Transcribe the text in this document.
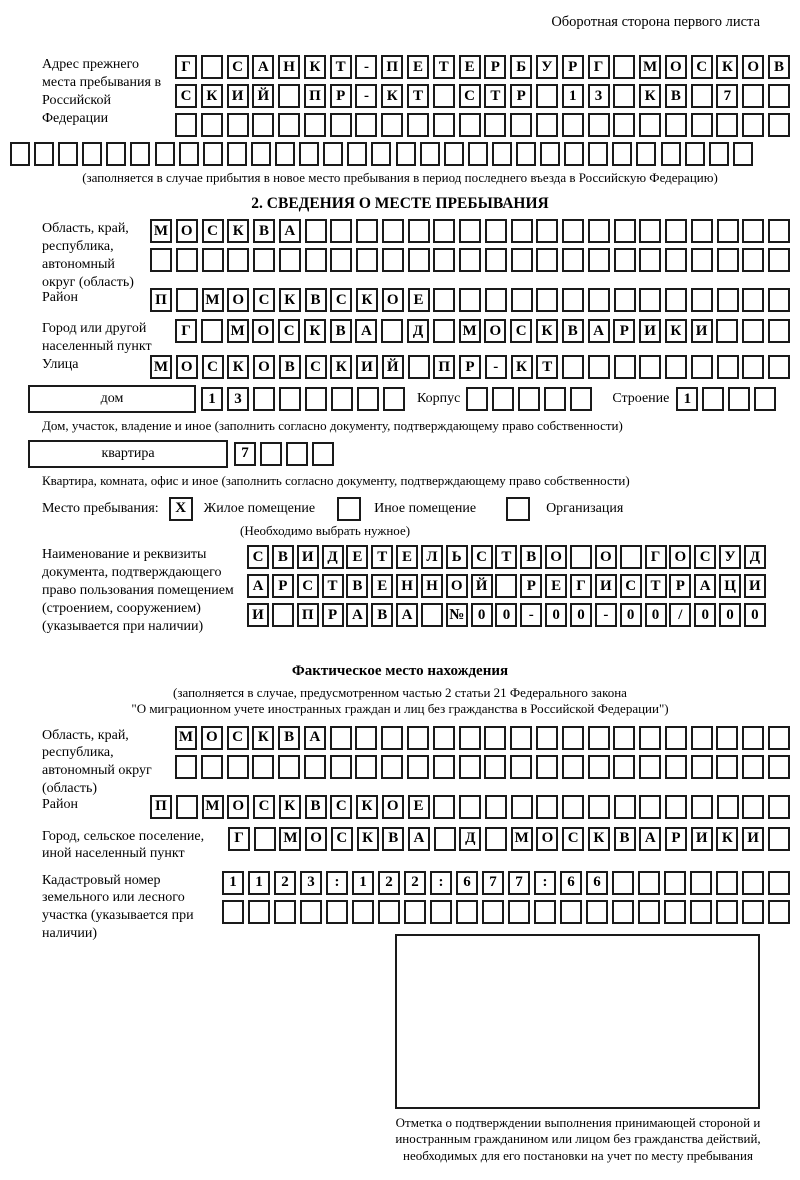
Оборотная сторона первого листа
Адрес прежнего места пребывания в Российской Федерации
Г	С А Н К	Т	-	П Е	Т	Е	Р	Б	У	Р	Г	М О С К О В
С К И Й	П	Р	-	К	Т	С	Т	Р	1	3	К	В	7
(заполняется в случае прибытия в новое место пребывания в период последнего въезда в Российскую Федерацию)
2. СВЕДЕНИЯ О МЕСТЕ ПРЕБЫВАНИЯ
Область, край, республика, автономный округ (область)
М О С К	В	А
Район	П	М О С К	В	С К О Е
Город или другой населенный пункт
Г	М О С К	В	А	Д	М О С К	В	А	Р	И К И
Улица	М О С К О В	С К И Й	П	Р	-	К	Т
дом	1	3	Корпус	Строение 1
Дом, участок, владение и иное (заполнить согласно документу, подтверждающему право собственности)
квартира	7
Квартира, комната, офис и иное (заполнить согласно документу, подтверждающему право собственности)
Место пребывания:	X	Жилое помещение	Иное помещение	Организация
(Необходимо выбрать нужное)
Наименование и реквизиты документа, подтверждающего право пользования помещением (строением, сооружением) (указывается при наличии)
С В И Д Е Т Е Л Ь С Т В О	О	Г О С У Д
А Р С Т В Е Н Н О Й	Р	Е	Г И С Т	Р А Ц И
И	П Р А В А	№ 0	0	-	0	0	-	0	0	/	0	0	0
Фактическое место нахождения
(заполняется в случае, предусмотренном частью 2 статьи 21 Федерального закона
"О миграционном учете иностранных граждан и лиц без гражданства в Российской Федерации")
Область, край, республика, автономный округ (область)
М О С К	В	А
Район	П	М О С К	В	С К О Е
Город, сельское поселение, иной населенный пункт
Г	М О С К	В	А	Д	М О С К	В	А	Р	И К И
Кадастровый номер земельного или лесного участка (указывается при наличии)
1	1	2	3	:	1	2	2	:	6	7	7	:	6	6
Отметка о подтверждении выполнения принимающей стороной и иностранным гражданином или лицом без гражданства действий, необходимых для его постановки на учет по месту пребывания
